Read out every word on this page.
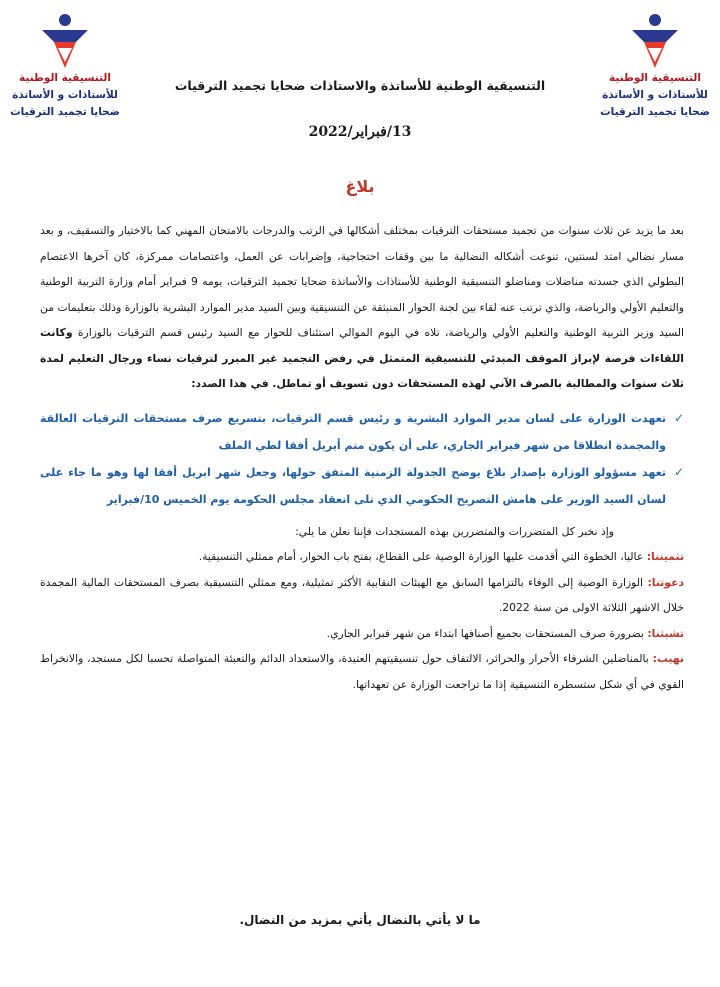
التنسيقية الوطنية
للأستاذات و الأساتذة
ضحايا تجميد الترقيات
التنسيقية الوطنية
للأستاذات و الأساتذة
ضحايا تجميد الترقيات
التنسيقية الوطنية للأساتذة والاستاذات ضحايا تجميد الترقيات
13/فبراير/2022
بلاغ

بعد ما يزيد عن ثلاث سنوات من تجميد مستحقات الترقيات بمختلف أشكالها في الرتب والدرجات بالامتحان المهني كما بالاختيار والتسقيف، و بعد مسار نضالي امتد لسنتين، تنوعت أشكاله النضالية ما بين وقفات احتجاجية، وإضرابات عن العمل، واعتصامات ممركزة، كان آخرها الاعتصام البطولي الذي جسدته مناضلات ومناضلو التنسيقية الوطنية للأستاذات والأساتذة ضحايا تجميد الترقيات، يومه 9 فبراير أمام وزارة التربية الوطنية والتعليم الأولي والرياضة، والذي ترتب عنه لقاء بين لجنة الحوار المنبثقة عن التنسيقية وبين السيد مدير الموارد البشرية بالوزارة وذلك بتعليمات من السيد وزير التربية الوطنية والتعليم الأولي والرياضة، تلاه في اليوم الموالي استئناف للحوار مع السيد رئيس قسم الترقيات بالوزارة وكانت اللقاءات فرصة لإبراز الموقف المبدئي للتنسيقية المتمثل في رفض التجميد غير المبرر لترقيات نساء ورجال التعليم لمدة ثلاث سنوات والمطالبة بالصرف الآني لهذه المستحقات دون تسويف أو تماطل. في هذا الصدد:

✓
تعهدت الوزارة على لسان مدير الموارد البشرية و رئيس قسم الترقيات، بتسريع صرف مستحقات الترقيات العالقة والمجمدة انطلاقا من شهر فبراير الجاري، على أن يكون متم أبريل أفقا لطي الملف
✓
تعهد مسؤولو الوزارة بإصدار بلاغ يوضح الجدولة الزمنية المتفق حولها، وجعل شهر ابريل أفقا لها وهو ما جاء على لسان السيد الوزير على هامش التصريح الحكومي الذي تلى انعقاد مجلس الحكومة يوم الخميس 10/فبراير

وإذ نخبر كل المتضررات والمتضررين بهذه المستجدات فإننا نعلن ما يلي:

تثميننا: عاليا، الخطوة التي أقدمت عليها الوزارة الوصية على القطاع، بفتح باب الحوار، أمام ممثلي التنسيقية.

دعوتنا: الوزارة الوصية إلى الوفاء بالتزامها السابق مع الهيئات النقابية الأكثر تمثيلية، ومع ممثلي التنسيقية بصرف المستحقات المالية المجمدة خلال الاشهر الثلاثة الاولى من سنة 2022.

تشبثنا: بضرورة صرف المستحقات بجميع أصنافها ابتداء من شهر فبراير الجاري.

نهيب: بالمناضلين الشرفاء الأحرار والحرائر، الالتفاف حول تنسيقيتهم العتيدة، والاستعداد الدائم والتعبئة المتواصلة تحسبا لكل مستجد، والانخراط القوي في أي شكل ستسطره التنسيقية إذا ما تراجعت الوزارة عن تعهداتها.

ما لا يأتي بالنضال يأتي بمزيد من النضال.
